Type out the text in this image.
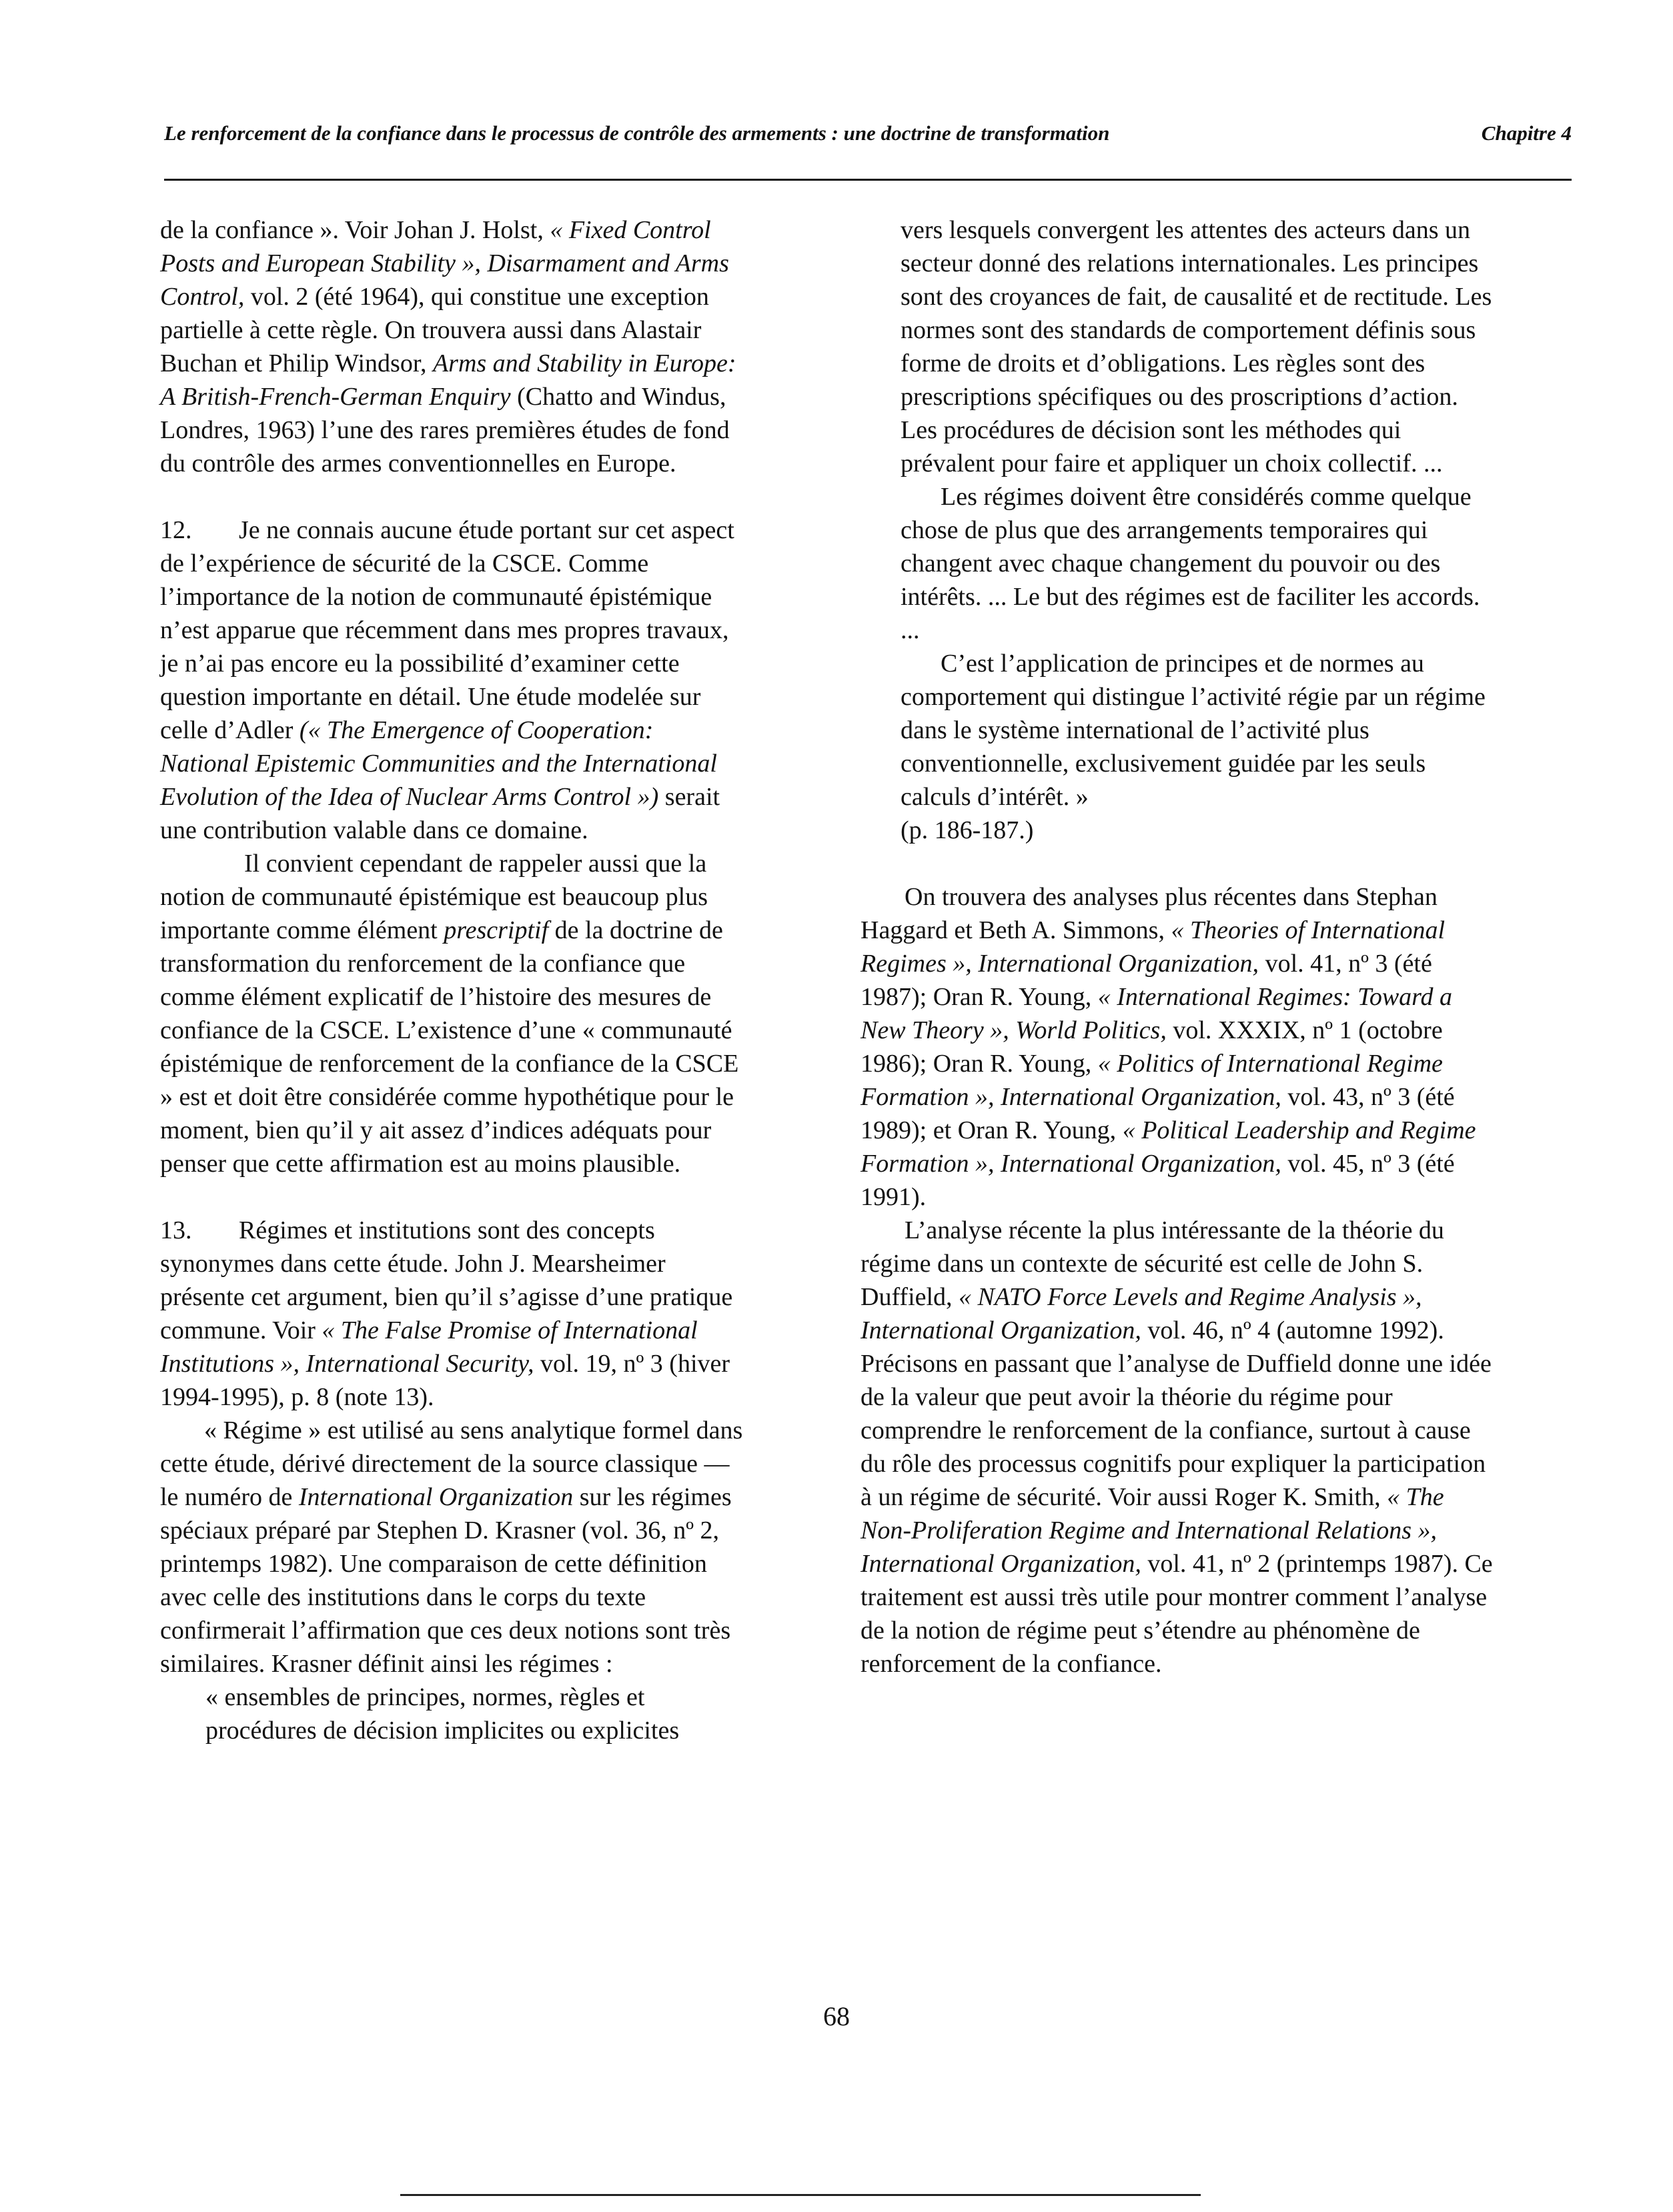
Le renforcement de la confiance dans le processus de contrôle des armements : une doctrine de transformation	Chapitre 4

de la confiance ». Voir Johan J. Holst, « Fixed Control Posts and European Stability », Disarmament and Arms Control, vol. 2 (été 1964), qui constitue une exception partielle à cette règle. On trouvera aussi dans Alastair Buchan et Philip Windsor, Arms and Stability in Europe: A British-French-German Enquiry (Chatto and Windus, Londres, 1963) l’une des rares premières études de fond du contrôle des armes conventionnelles en Europe.

12. Je ne connais aucune étude portant sur cet aspect de l’expérience de sécurité de la CSCE. Comme l’importance de la notion de communauté épistémique n’est apparue que récemment dans mes propres travaux, je n’ai pas encore eu la possibilité d’examiner cette question importante en détail. Une étude modelée sur celle d’Adler (« The Emergence of Cooperation: National Epistemic Communities and the International Evolution of the Idea of Nuclear Arms Control ») serait une contribution valable dans ce domaine.

Il convient cependant de rappeler aussi que la notion de communauté épistémique est beaucoup plus importante comme élément prescriptif de la doctrine de transformation du renforcement de la confiance que comme élément explicatif de l’histoire des mesures de confiance de la CSCE. L’existence d’une « communauté épistémique de renforcement de la confiance de la CSCE » est et doit être considérée comme hypothétique pour le moment, bien qu’il y ait assez d’indices adéquats pour penser que cette affirmation est au moins plausible.

13. Régimes et institutions sont des concepts synonymes dans cette étude. John J. Mearsheimer présente cet argument, bien qu’il s’agisse d’une pratique commune. Voir « The False Promise of International Institutions », International Security, vol. 19, nº 3 (hiver 1994-1995), p. 8 (note 13).

« Régime » est utilisé au sens analytique formel dans cette étude, dérivé directement de la source classique — le numéro de International Organization sur les régimes spéciaux préparé par Stephen D. Krasner (vol. 36, nº 2, printemps 1982). Une comparaison de cette définition avec celle des institutions dans le corps du texte confirmerait l’affirmation que ces deux notions sont très similaires. Krasner définit ainsi les régimes :

« ensembles de principes, normes, règles et procédures de décision implicites ou explicites

vers lesquels convergent les attentes des acteurs dans un secteur donné des relations internationales. Les principes sont des croyances de fait, de causalité et de rectitude. Les normes sont des standards de comportement définis sous forme de droits et d’obligations. Les règles sont des prescriptions spécifiques ou des proscriptions d’action. Les procédures de décision sont les méthodes qui prévalent pour faire et appliquer un choix collectif. ...

Les régimes doivent être considérés comme quelque chose de plus que des arrangements temporaires qui changent avec chaque changement du pouvoir ou des intérêts. ... Le but des régimes est de faciliter les accords. ...

C’est l’application de principes et de normes au comportement qui distingue l’activité régie par un régime dans le système international de l’activité plus conventionnelle, exclusivement guidée par les seuls calculs d’intérêt. »

(p. 186-187.)

On trouvera des analyses plus récentes dans Stephan Haggard et Beth A. Simmons, « Theories of International Regimes », International Organization, vol. 41, nº 3 (été 1987); Oran R. Young, « International Regimes: Toward a New Theory », World Politics, vol. XXXIX, nº 1 (octobre 1986); Oran R. Young, « Politics of International Regime Formation », International Organization, vol. 43, nº 3 (été 1989); et Oran R. Young, « Political Leadership and Regime Formation », International Organization, vol. 45, nº 3 (été 1991).

L’analyse récente la plus intéressante de la théorie du régime dans un contexte de sécurité est celle de John S. Duffield, « NATO Force Levels and Regime Analysis », International Organization, vol. 46, nº 4 (automne 1992). Précisons en passant que l’analyse de Duffield donne une idée de la valeur que peut avoir la théorie du régime pour comprendre le renforcement de la confiance, surtout à cause du rôle des processus cognitifs pour expliquer la participation à un régime de sécurité. Voir aussi Roger K. Smith, « The Non-Proliferation Regime and International Relations », International Organization, vol. 41, nº 2 (printemps 1987). Ce traitement est aussi très utile pour montrer comment l’analyse de la notion de régime peut s’étendre au phénomène de renforcement de la confiance.

68
